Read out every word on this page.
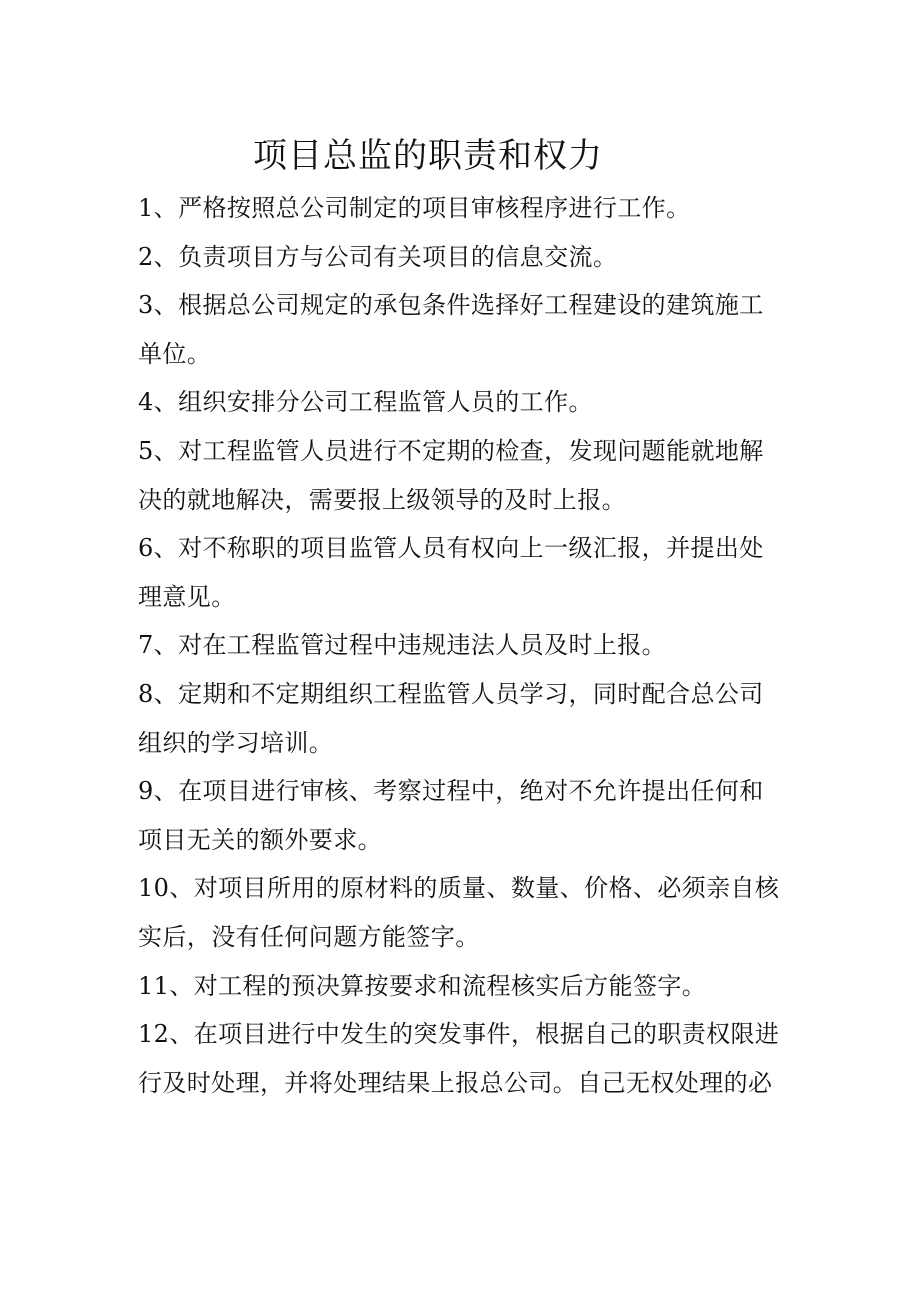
项目总监的职责和权力
1、严格按照总公司制定的项目审核程序进行工作。
2、负责项目方与公司有关项目的信息交流。
3、根据总公司规定的承包条件选择好工程建设的建筑施工单位。
4、组织安排分公司工程监管人员的工作。
5、对工程监管人员进行不定期的检查，发现问题能就地解决的就地解决，需要报上级领导的及时上报。
6、对不称职的项目监管人员有权向上一级汇报，并提出处理意见。
7、对在工程监管过程中违规违法人员及时上报。
8、定期和不定期组织工程监管人员学习，同时配合总公司组织的学习培训。
9、在项目进行审核、考察过程中，绝对不允许提出任何和项目无关的额外要求。
10、对项目所用的原材料的质量、数量、价格、必须亲自核实后，没有任何问题方能签字。
11、对工程的预决算按要求和流程核实后方能签字。
12、在项目进行中发生的突发事件，根据自己的职责权限进行及时处理，并将处理结果上报总公司。自己无权处理的必
